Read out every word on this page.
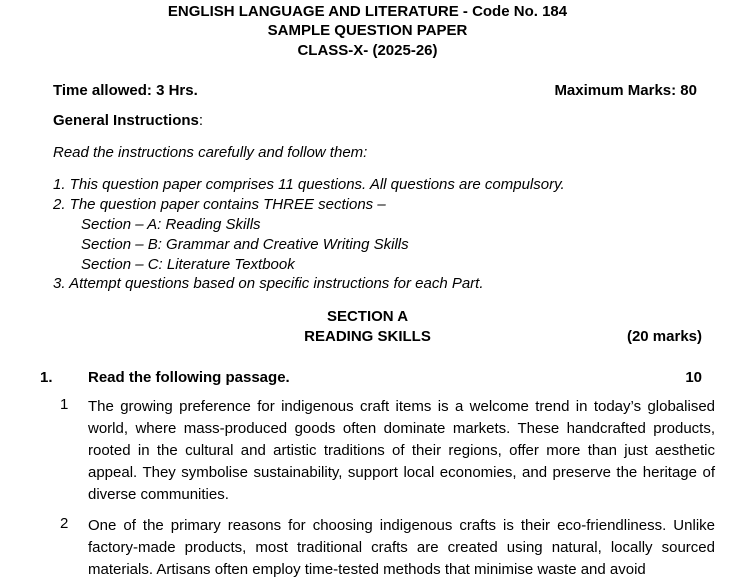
ENGLISH LANGUAGE AND LITERATURE - Code No. 184
SAMPLE QUESTION PAPER
CLASS-X- (2025-26)
Time allowed: 3 Hrs.	Maximum Marks: 80
General Instructions:
Read the instructions carefully and follow them:
1. This question paper comprises 11 questions. All questions are compulsory.
2. The question paper contains THREE sections –
Section – A: Reading Skills
Section – B: Grammar and Creative Writing Skills
Section – C: Literature Textbook
3. Attempt questions based on specific instructions for each Part.
SECTION A
READING SKILLS	(20 marks)
1. Read the following passage.	10
1 The growing preference for indigenous craft items is a welcome trend in today’s globalised world, where mass-produced goods often dominate markets. These handcrafted products, rooted in the cultural and artistic traditions of their regions, offer more than just aesthetic appeal. They symbolise sustainability, support local economies, and preserve the heritage of diverse communities.
2 One of the primary reasons for choosing indigenous crafts is their eco-friendliness. Unlike factory-made products, most traditional crafts are created using natural, locally sourced materials. Artisans often employ time-tested methods that minimise waste and avoid
